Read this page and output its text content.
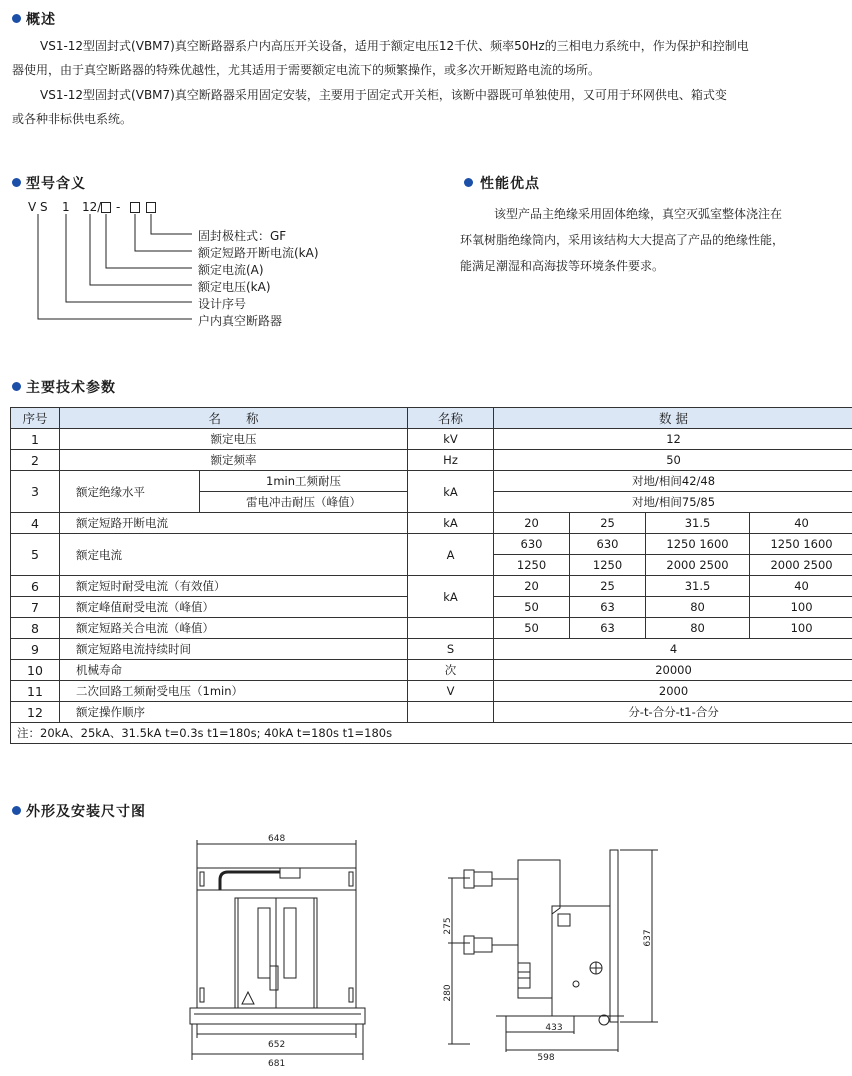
概述
VS1-12型固封式(VBM7)真空断路器系户内高压开关设备，适用于额定电压12千伏、频率50Hz的三相电力系统中，作为保护和控制电
器使用，由于真空断路器的特殊优越性，尤其适用于需要额定电流下的频繁操作，或多次开断短路电流的场所。
VS1-12型固封式(VBM7)真空断路器采用固定安装，主要用于固定式开关柜，该断中器既可单独使用，又可用于环网供电、箱式变
或各种非标供电系统。
型号含义
V S 1 12/ -
固封极柱式：GF
额定短路开断电流(kA)
额定电流(A)
额定电压(kA)
设计序号
户内真空断路器
性能优点
该型产品主绝缘采用固体绝缘，真空灭弧室整体浇注在
环氧树脂绝缘筒内，采用该结构大大提高了产品的绝缘性能，
能满足潮湿和高海拔等环境条件要求。
主要技术参数
序号	名　　称		名称	数 据			
1	额定电压		kV	12			
2	额定频率		Hz	50			
3	额定绝缘水平	1min工频耐压	kA	对地/相间42/48			
		雷电冲击耐压（峰值）		对地/相间75/85			
4	额定短路开断电流		kA	20	25	31.5	40
5	额定电流		A	630	630	1250 1600	1250 1600
				1250	1250	2000 2500	2000 2500
6	额定短时耐受电流（有效值）		kA	20	25	31.5	40
7	额定峰值耐受电流（峰值）			50	63	80	100
8	额定短路关合电流（峰值）			50	63	80	100
9	额定短路电流持续时间		S	4			
10	机械寿命		次	20000			
11	二次回路工频耐受电压（1min）		V	2000			
12	额定操作顺序			分-t-合分-t1-合分			
注：20kA、25kA、31.5kA t=0.3s t1=180s; 40kA t=180s t1=180s							
外形及安装尺寸图
648
652
681
275
280
637
433
598
